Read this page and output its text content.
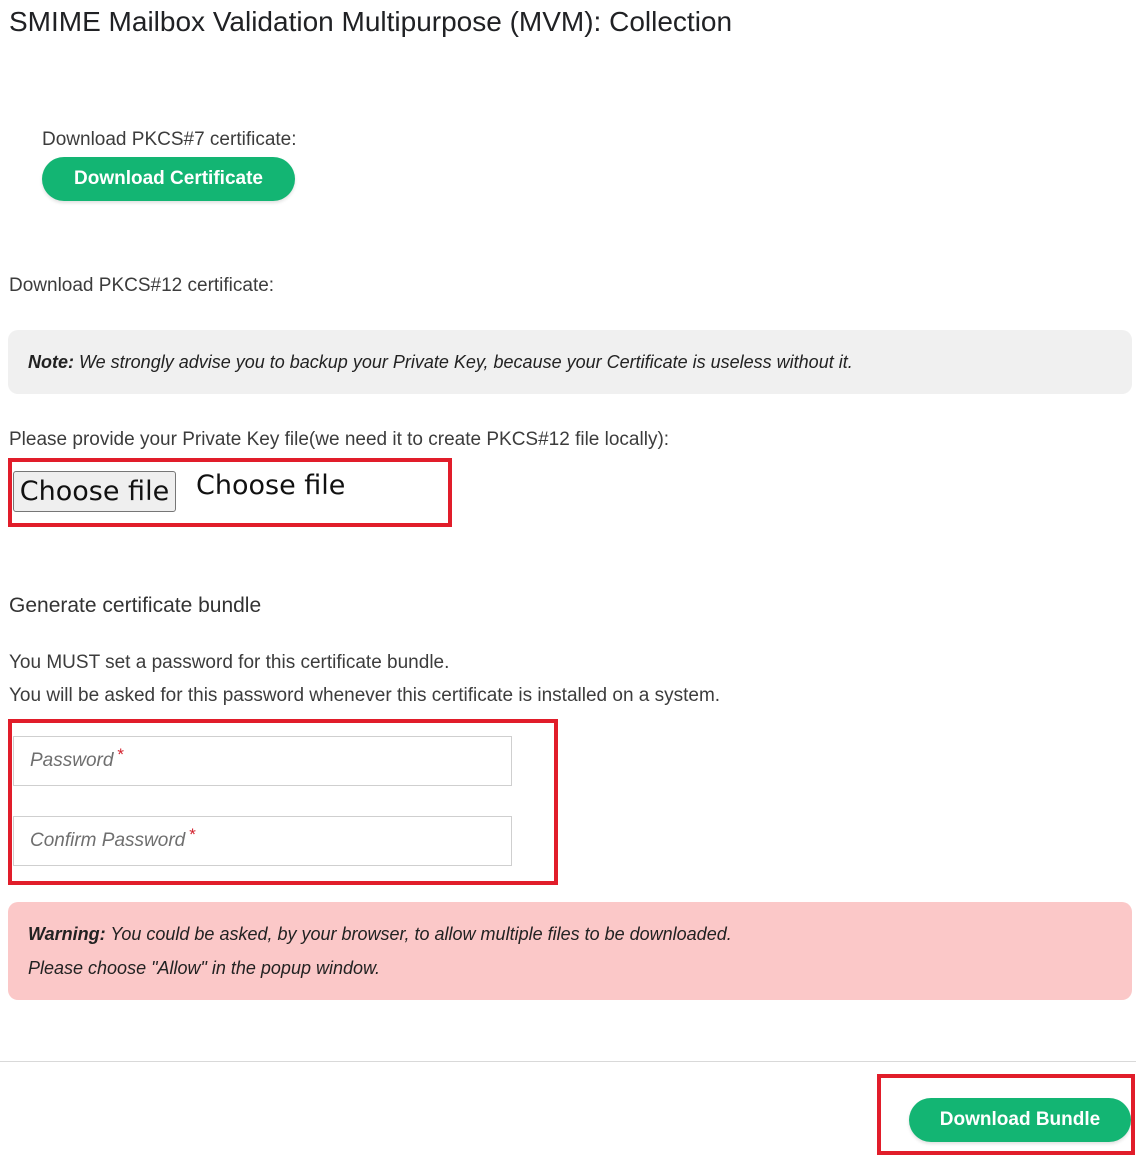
SMIME Mailbox Validation Multipurpose (MVM): Collection
Download PKCS#7 certificate:
Download Certificate
Download PKCS#12 certificate:
Note: We strongly advise you to backup your Private Key, because your Certificate is useless without it.
Please provide your Private Key file(we need it to create PKCS#12 file locally):
Choose file Choose file
Generate certificate bundle
You MUST set a password for this certificate bundle.
You will be asked for this password whenever this certificate is installed on a system.
Password *
Confirm Password *
Warning: You could be asked, by your browser, to allow multiple files to be downloaded.
Please choose "Allow" in the popup window.
Download Bundle
